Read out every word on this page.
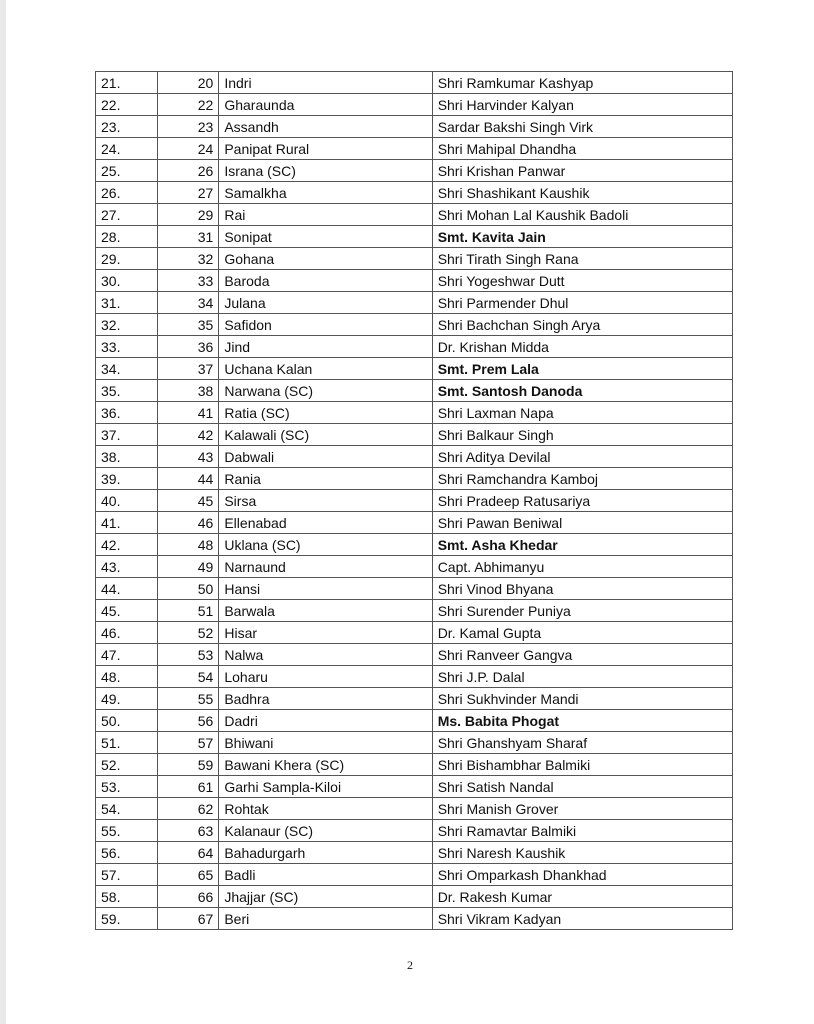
21.	20	Indri	Shri Ramkumar Kashyap
22.	22	Gharaunda	Shri Harvinder Kalyan
23.	23	Assandh	Sardar Bakshi Singh Virk
24.	24	Panipat Rural	Shri Mahipal Dhandha
25.	26	Israna (SC)	Shri Krishan Panwar
26.	27	Samalkha	Shri Shashikant Kaushik
27.	29	Rai	Shri Mohan Lal Kaushik Badoli
28.	31	Sonipat	Smt. Kavita Jain
29.	32	Gohana	Shri Tirath Singh Rana
30.	33	Baroda	Shri Yogeshwar Dutt
31.	34	Julana	Shri Parmender Dhul
32.	35	Safidon	Shri Bachchan Singh Arya
33.	36	Jind	Dr. Krishan Midda
34.	37	Uchana Kalan	Smt. Prem Lala
35.	38	Narwana (SC)	Smt. Santosh Danoda
36.	41	Ratia (SC)	Shri Laxman Napa
37.	42	Kalawali (SC)	Shri Balkaur Singh
38.	43	Dabwali	Shri Aditya Devilal
39.	44	Rania	Shri Ramchandra Kamboj
40.	45	Sirsa	Shri Pradeep Ratusariya
41.	46	Ellenabad	Shri Pawan Beniwal
42.	48	Uklana (SC)	Smt. Asha Khedar
43.	49	Narnaund	Capt. Abhimanyu
44.	50	Hansi	Shri Vinod Bhyana
45.	51	Barwala	Shri Surender Puniya
46.	52	Hisar	Dr. Kamal Gupta
47.	53	Nalwa	Shri Ranveer Gangva
48.	54	Loharu	Shri J.P. Dalal
49.	55	Badhra	Shri Sukhvinder Mandi
50.	56	Dadri	Ms. Babita Phogat
51.	57	Bhiwani	Shri Ghanshyam Sharaf
52.	59	Bawani Khera (SC)	Shri Bishambhar Balmiki
53.	61	Garhi Sampla-Kiloi	Shri Satish Nandal
54.	62	Rohtak	Shri Manish Grover
55.	63	Kalanaur (SC)	Shri Ramavtar Balmiki
56.	64	Bahadurgarh	Shri Naresh Kaushik
57.	65	Badli	Shri Omparkash Dhankhad
58.	66	Jhajjar (SC)	Dr. Rakesh Kumar
59.	67	Beri	Shri Vikram Kadyan
2
